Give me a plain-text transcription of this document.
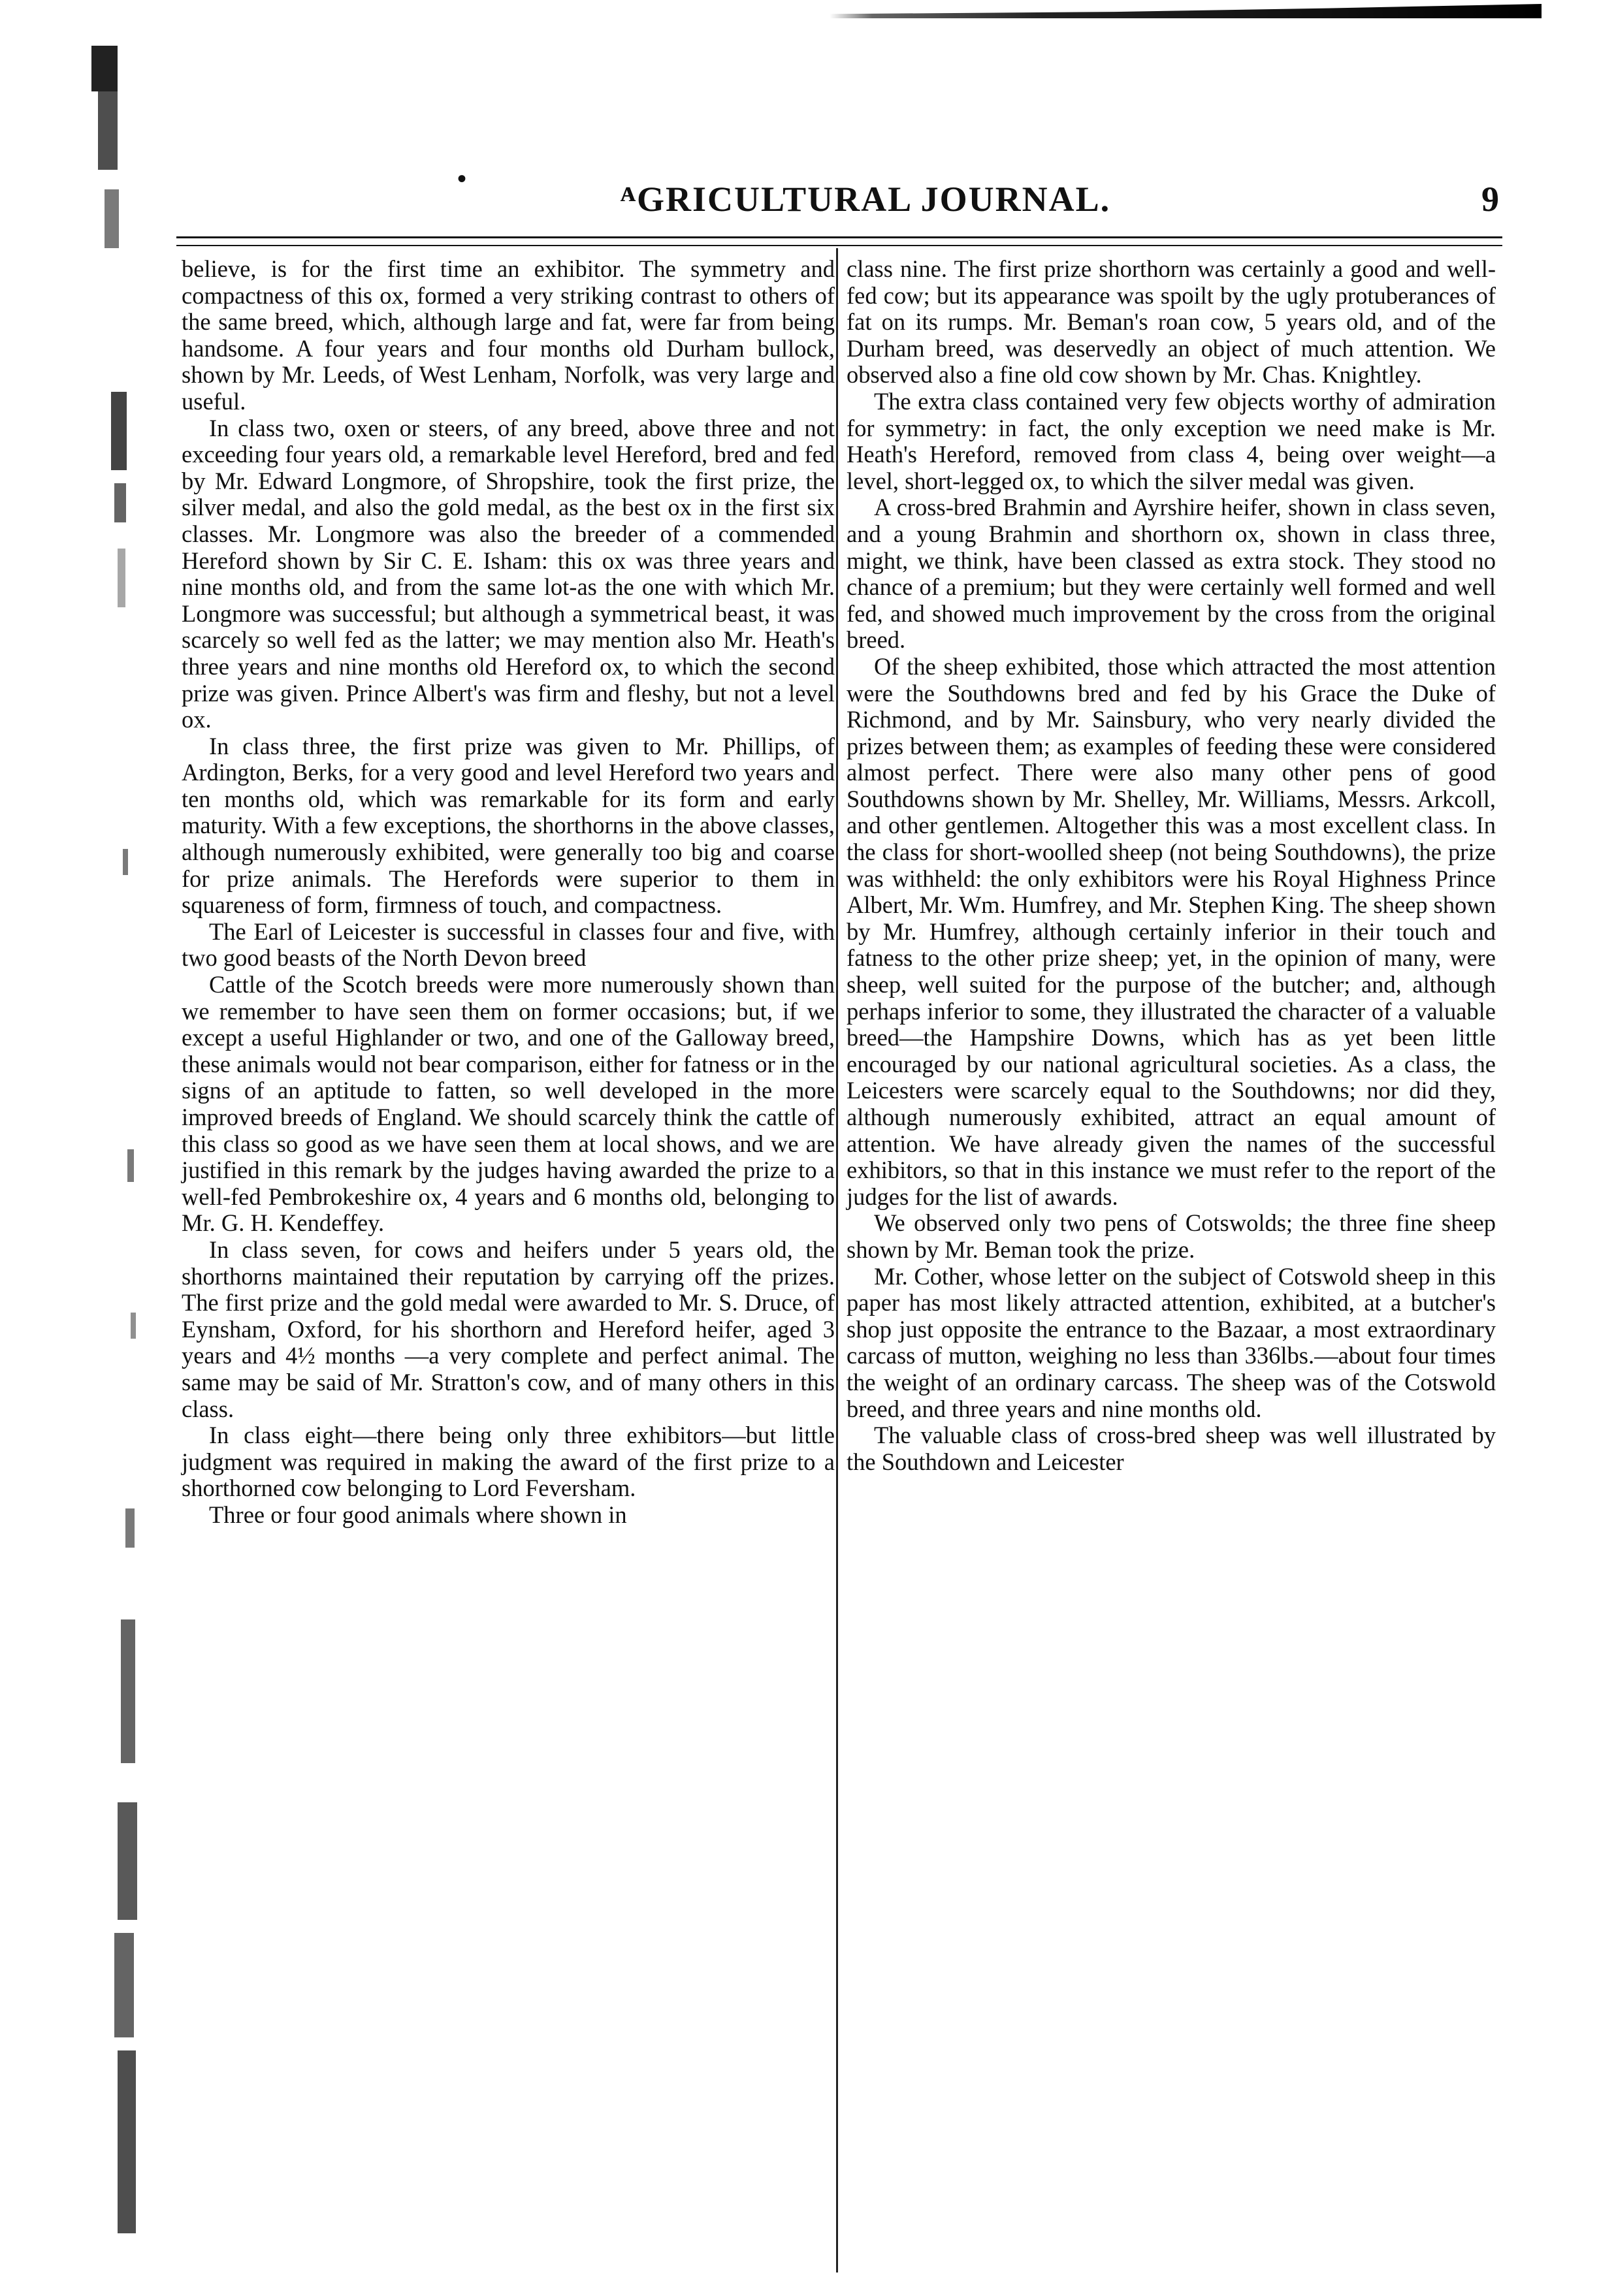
•
ᴬGRICULTURAL JOURNAL.	9

believe, is for the first time an exhibitor. The symmetry and compactness of this ox, formed a very striking contrast to others of the same breed, which, although large and fat, were far from being handsome. A four years and four months old Durham bullock, shown by Mr. Leeds, of West Lenham, Norfolk, was very large and useful.

In class two, oxen or steers, of any breed, above three and not exceeding four years old, a remarkable level Hereford, bred and fed by Mr. Edward Longmore, of Shropshire, took the first prize, the silver medal, and also the gold medal, as the best ox in the first six classes. Mr. Longmore was also the breeder of a commended Hereford shown by Sir C. E. Isham: this ox was three years and nine months old, and from the same lot-as the one with which Mr. Longmore was successful; but although a symmetrical beast, it was scarcely so well fed as the latter; we may mention also Mr. Heath's three years and nine months old Hereford ox, to which the second prize was given. Prince Albert's was firm and fleshy, but not a level ox.

In class three, the first prize was given to Mr. Phillips, of Ardington, Berks, for a very good and level Hereford two years and ten months old, which was remarkable for its form and early maturity. With a few exceptions, the shorthorns in the above classes, although numerously exhibited, were generally too big and coarse for prize animals. The Herefords were superior to them in squareness of form, firmness of touch, and compactness.

The Earl of Leicester is successful in classes four and five, with two good beasts of the North Devon breed

Cattle of the Scotch breeds were more numerously shown than we remember to have seen them on former occasions; but, if we except a useful Highlander or two, and one of the Galloway breed, these animals would not bear comparison, either for fatness or in the signs of an aptitude to fatten, so well developed in the more improved breeds of England. We should scarcely think the cattle of this class so good as we have seen them at local shows, and we are justified in this remark by the judges having awarded the prize to a well-fed Pembrokeshire ox, 4 years and 6 months old, belonging to Mr. G. H. Kendeffey.

In class seven, for cows and heifers under 5 years old, the shorthorns maintained their reputation by carrying off the prizes. The first prize and the gold medal were awarded to Mr. S. Druce, of Eynsham, Oxford, for his shorthorn and Hereford heifer, aged 3 years and 4½ months —a very complete and perfect animal. The same may be said of Mr. Stratton's cow, and of many others in this class.

In class eight—there being only three exhibitors—but little judgment was required in making the award of the first prize to a shorthorned cow belonging to Lord Feversham.

Three or four good animals where shown in

class nine. The first prize shorthorn was certainly a good and well-fed cow; but its appearance was spoilt by the ugly protuberances of fat on its rumps. Mr. Beman's roan cow, 5 years old, and of the Durham breed, was deservedly an object of much attention. We observed also a fine old cow shown by Mr. Chas. Knightley.

The extra class contained very few objects worthy of admiration for symmetry: in fact, the only exception we need make is Mr. Heath's Hereford, removed from class 4, being over weight—a level, short-legged ox, to which the silver medal was given.

A cross-bred Brahmin and Ayrshire heifer, shown in class seven, and a young Brahmin and shorthorn ox, shown in class three, might, we think, have been classed as extra stock. They stood no chance of a premium; but they were certainly well formed and well fed, and showed much improvement by the cross from the original breed.

Of the sheep exhibited, those which attracted the most attention were the Southdowns bred and fed by his Grace the Duke of Richmond, and by Mr. Sainsbury, who very nearly divided the prizes between them; as examples of feeding these were considered almost perfect. There were also many other pens of good Southdowns shown by Mr. Shelley, Mr. Williams, Messrs. Arkcoll, and other gentlemen. Altogether this was a most excellent class. In the class for short-woolled sheep (not being Southdowns), the prize was withheld: the only exhibitors were his Royal Highness Prince Albert, Mr. Wm. Humfrey, and Mr. Stephen King. The sheep shown by Mr. Humfrey, although certainly inferior in their touch and fatness to the other prize sheep; yet, in the opinion of many, were sheep, well suited for the purpose of the butcher; and, although perhaps inferior to some, they illustrated the character of a valuable breed—the Hampshire Downs, which has as yet been little encouraged by our national agricultural societies. As a class, the Leicesters were scarcely equal to the Southdowns; nor did they, although numerously exhibited, attract an equal amount of attention. We have already given the names of the successful exhibitors, so that in this instance we must refer to the report of the judges for the list of awards.

We observed only two pens of Cotswolds; the three fine sheep shown by Mr. Beman took the prize.

Mr. Cother, whose letter on the subject of Cotswold sheep in this paper has most likely attracted attention, exhibited, at a butcher's shop just opposite the entrance to the Bazaar, a most extraordinary carcass of mutton, weighing no less than 336lbs.—about four times the weight of an ordinary carcass. The sheep was of the Cotswold breed, and three years and nine months old.

The valuable class of cross-bred sheep was well illustrated by the Southdown and Leicester
